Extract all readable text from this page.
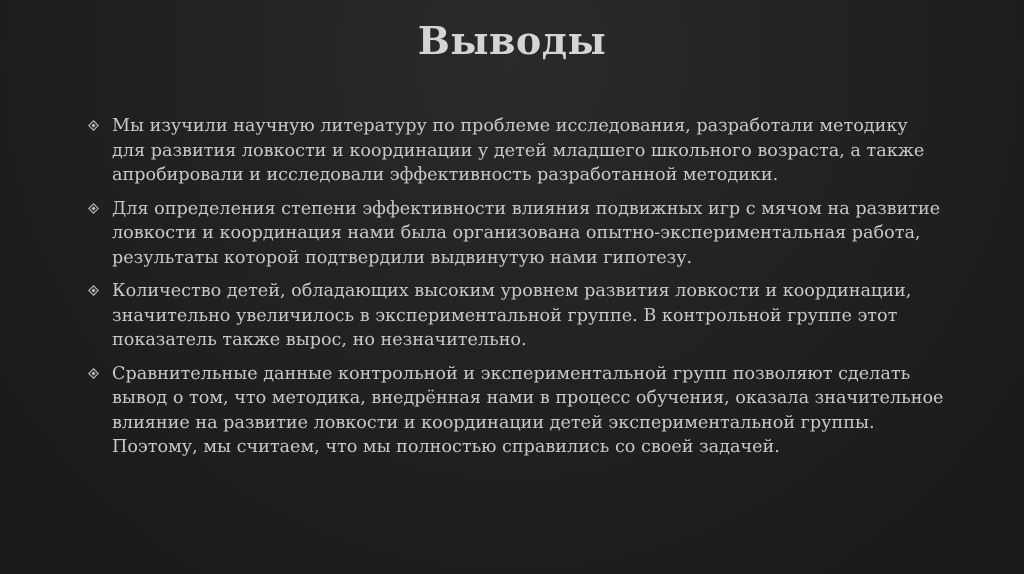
Выводы
Мы изучили научную литературу по проблеме исследования, разработали методику для развития ловкости и координации у детей младшего школьного возраста, а также апробировали и исследовали эффективность разработанной методики.
Для определения степени эффективности влияния подвижных игр с мячом на развитие ловкости и координация нами была организована опытно-экспериментальная работа, результаты которой подтвердили выдвинутую нами гипотезу.
Количество детей, обладающих высоким уровнем развития ловкости и координации, значительно увеличилось в экспериментальной группе. В контрольной группе этот показатель также вырос, но незначительно.
Сравнительные данные контрольной и экспериментальной групп позволяют сделать вывод о том, что методика, внедрённая нами в процесс обучения, оказала значительное влияние на развитие ловкости и координации детей экспериментальной группы. Поэтому, мы считаем, что мы полностью справились со своей задачей.
